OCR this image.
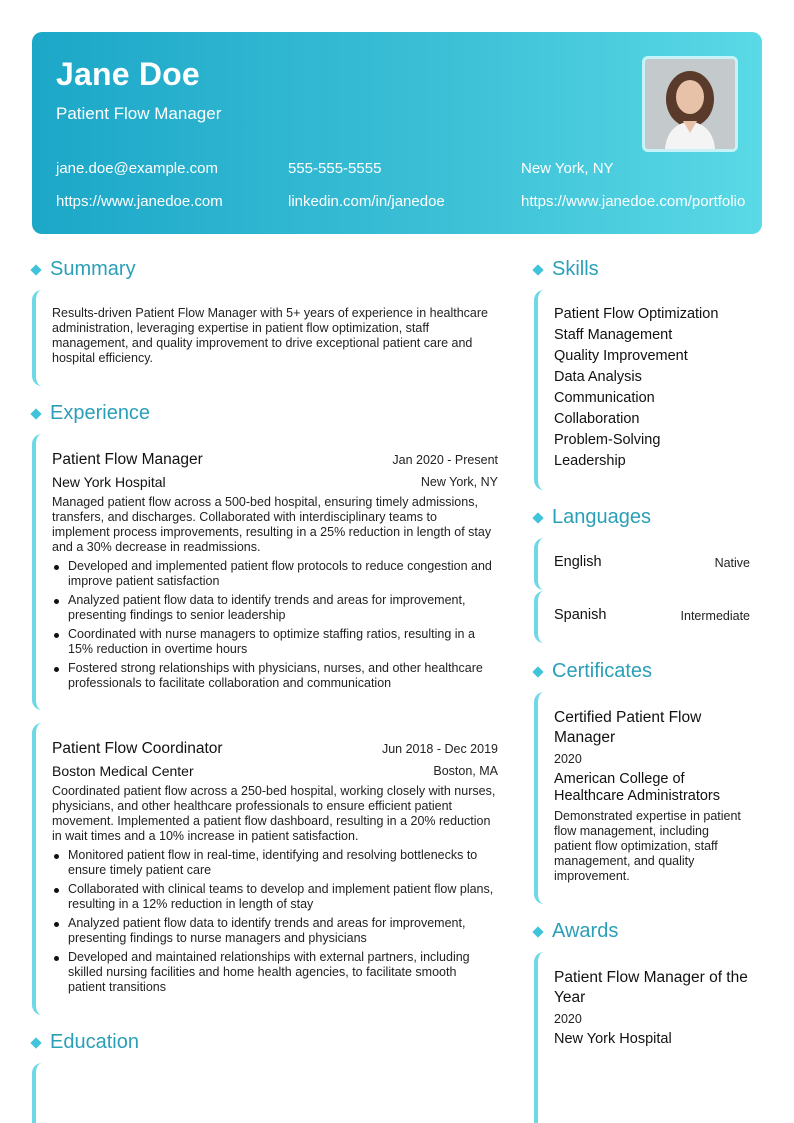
Jane Doe
Patient Flow Manager
jane.doe@example.com	555-555-5555	New York, NY
https://www.janedoe.com	linkedin.com/in/janedoe	https://www.janedoe.com/portfolio
Summary
Results-driven Patient Flow Manager with 5+ years of experience in healthcare administration, leveraging expertise in patient flow optimization, staff management, and quality improvement to drive exceptional patient care and hospital efficiency.
Experience
Patient Flow Manager	Jan 2020 - Present
New York Hospital	New York, NY
Managed patient flow across a 500-bed hospital, ensuring timely admissions, transfers, and discharges. Collaborated with interdisciplinary teams to implement process improvements, resulting in a 25% reduction in length of stay and a 30% decrease in readmissions.
Developed and implemented patient flow protocols to reduce congestion and improve patient satisfaction
Analyzed patient flow data to identify trends and areas for improvement, presenting findings to senior leadership
Coordinated with nurse managers to optimize staffing ratios, resulting in a 15% reduction in overtime hours
Fostered strong relationships with physicians, nurses, and other healthcare professionals to facilitate collaboration and communication
Patient Flow Coordinator	Jun 2018 - Dec 2019
Boston Medical Center	Boston, MA
Coordinated patient flow across a 250-bed hospital, working closely with nurses, physicians, and other healthcare professionals to ensure efficient patient movement. Implemented a patient flow dashboard, resulting in a 20% reduction in wait times and a 10% increase in patient satisfaction.
Monitored patient flow in real-time, identifying and resolving bottlenecks to ensure timely patient care
Collaborated with clinical teams to develop and implement patient flow plans, resulting in a 12% reduction in length of stay
Analyzed patient flow data to identify trends and areas for improvement, presenting findings to nurse managers and physicians
Developed and maintained relationships with external partners, including skilled nursing facilities and home health agencies, to facilitate smooth patient transitions
Education
Skills
Patient Flow Optimization
Staff Management
Quality Improvement
Data Analysis
Communication
Collaboration
Problem-Solving
Leadership
Languages
English	Native
Spanish	Intermediate
Certificates
Certified Patient Flow Manager
2020
American College of Healthcare Administrators
Demonstrated expertise in patient flow management, including patient flow optimization, staff management, and quality improvement.
Awards
Patient Flow Manager of the Year
2020
New York Hospital
